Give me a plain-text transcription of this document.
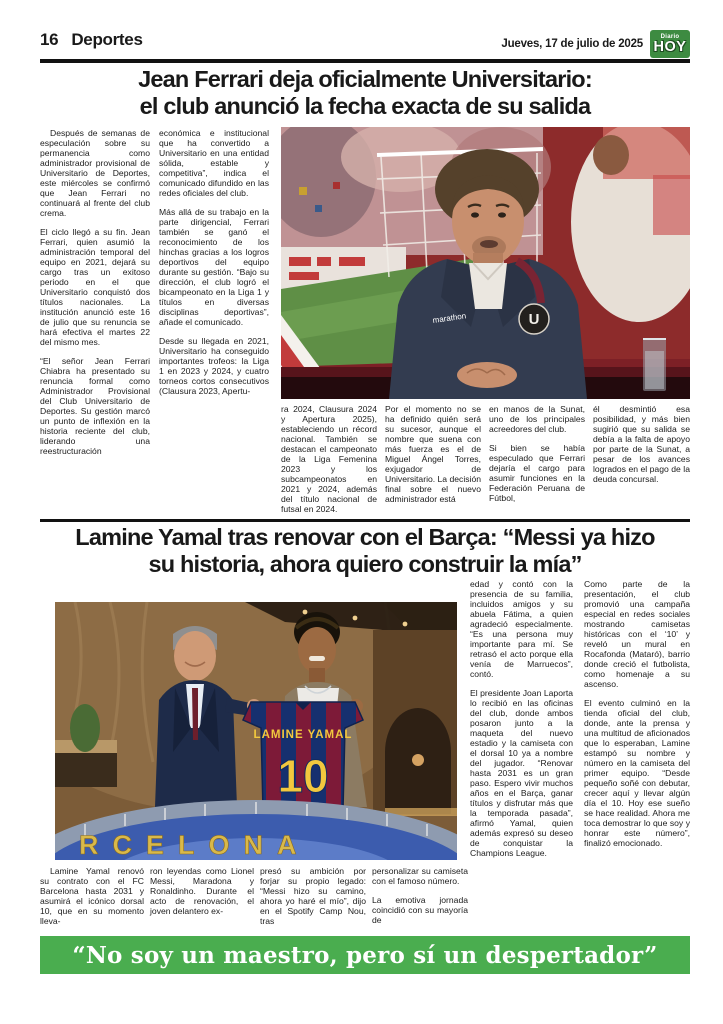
16 Deportes	Jueves, 17 de julio de 2025
Diario
HOY
Jean Ferrari deja oficialmente Universitario:
el club anunció la fecha exacta de su salida

Después de semanas de especulación sobre su permanencia como administrador provisional de Universitario de Deportes, este miércoles se confirmó que Jean Ferrari no continuará al frente del club crema.

El ciclo llegó a su fin. Jean Ferrari, quien asumió la administración temporal del equipo en 2021, dejará su cargo tras un exitoso periodo en el que Universitario conquistó dos títulos nacionales. La institución anunció este 16 de julio que su renuncia se hará efectiva el martes 22 del mismo mes.

“El señor Jean Ferrari Chiabra ha presentado su renuncia formal como Administrador Provisional del Club Universitario de Deportes. Su gestión marcó un punto de inflexión en la historia reciente del club, liderando una reestructuración

económica e institucional que ha convertido a Universitario en una entidad sólida, estable y competitiva”, indica el comunicado difundido en las redes oficiales del club.

Más allá de su trabajo en la parte dirigencial, Ferrari también se ganó el reconocimiento de los hinchas gracias a los logros deportivos del equipo durante su gestión. “Bajo su dirección, el club logró el bicampeonato en la Liga 1 y títulos en diversas disciplinas deportivas”, añade el comunicado.

Desde su llegada en 2021, Universitario ha conseguido importantes trofeos: la Liga 1 en 2023 y 2024, y cuatro torneos cortos consecutivos (Clausura 2023, Apertu-

marathon	U

ra 2024, Clausura 2024 y Apertura 2025), estableciendo un récord nacional. También se destacan el campeonato de la Liga Femenina 2023 y los subcampeonatos en 2021 y 2024, además del título nacional de futsal en 2024.

Por el momento no se ha definido quién será su sucesor, aunque el nombre que suena con más fuerza es el de Miguel Ángel Torres, exjugador de Universitario. La decisión final sobre el nuevo administrador está

en manos de la Sunat, uno de los principales acreedores del club.

Si bien se había especulado que Ferrari dejaría el cargo para asumir funciones en la Federación Peruana de Fútbol,

él desmintió esa posibilidad, y más bien sugirió que su salida se debía a la falta de apoyo por parte de la Sunat, a pesar de los avances logrados en el pago de la deuda concursal.

Lamine Yamal tras renovar con el Barça: “Messi ya hizo
su historia, ahora quiero construir la mía”
LAMINE YAMAL
10
RCELONA

edad y contó con la presencia de su familia, incluidos amigos y su abuela Fátima, a quien agradeció especialmente. “Es una persona muy importante para mí. Se retrasó el acto porque ella venía de Marruecos”, contó.

El presidente Joan Laporta lo recibió en las oficinas del club, donde ambos posaron junto a la maqueta del nuevo estadio y la camiseta con el dorsal 10 ya a nombre del jugador. “Renovar hasta 2031 es un gran paso. Espero vivir muchos años en el Barça, ganar títulos y disfrutar más que la temporada pasada”, afirmó Yamal, quien además expresó su deseo de conquistar la Champions League.

Como parte de la presentación, el club promovió una campaña especial en redes sociales mostrando camisetas históricas con el ‘10’ y reveló un mural en Rocafonda (Mataró), barrio donde creció el futbolista, como homenaje a su ascenso.

El evento culminó en la tienda oficial del club, donde, ante la prensa y una multitud de aficionados que lo esperaban, Lamine estampó su nombre y número en la camiseta del primer equipo. “Desde pequeño soñé con debutar, crecer aquí y llevar algún día el 10. Hoy ese sueño se hace realidad. Ahora me toca demostrar lo que soy y honrar este número”, finalizó emocionado.

Lamine Yamal renovó su contrato con el FC Barcelona hasta 2031 y asumirá el icónico dorsal 10, que en su momento lleva-

ron leyendas como Lionel Messi, Maradona y Ronaldinho. Durante el acto de renovación, el joven delantero ex-

presó su ambición por forjar su propio legado: “Messi hizo su camino, ahora yo haré el mío”, dijo en el Spotify Camp Nou, tras

personalizar su camiseta con el famoso número.

La emotiva jornada coincidió con su mayoría de

“No soy un maestro, pero sí un despertador”
